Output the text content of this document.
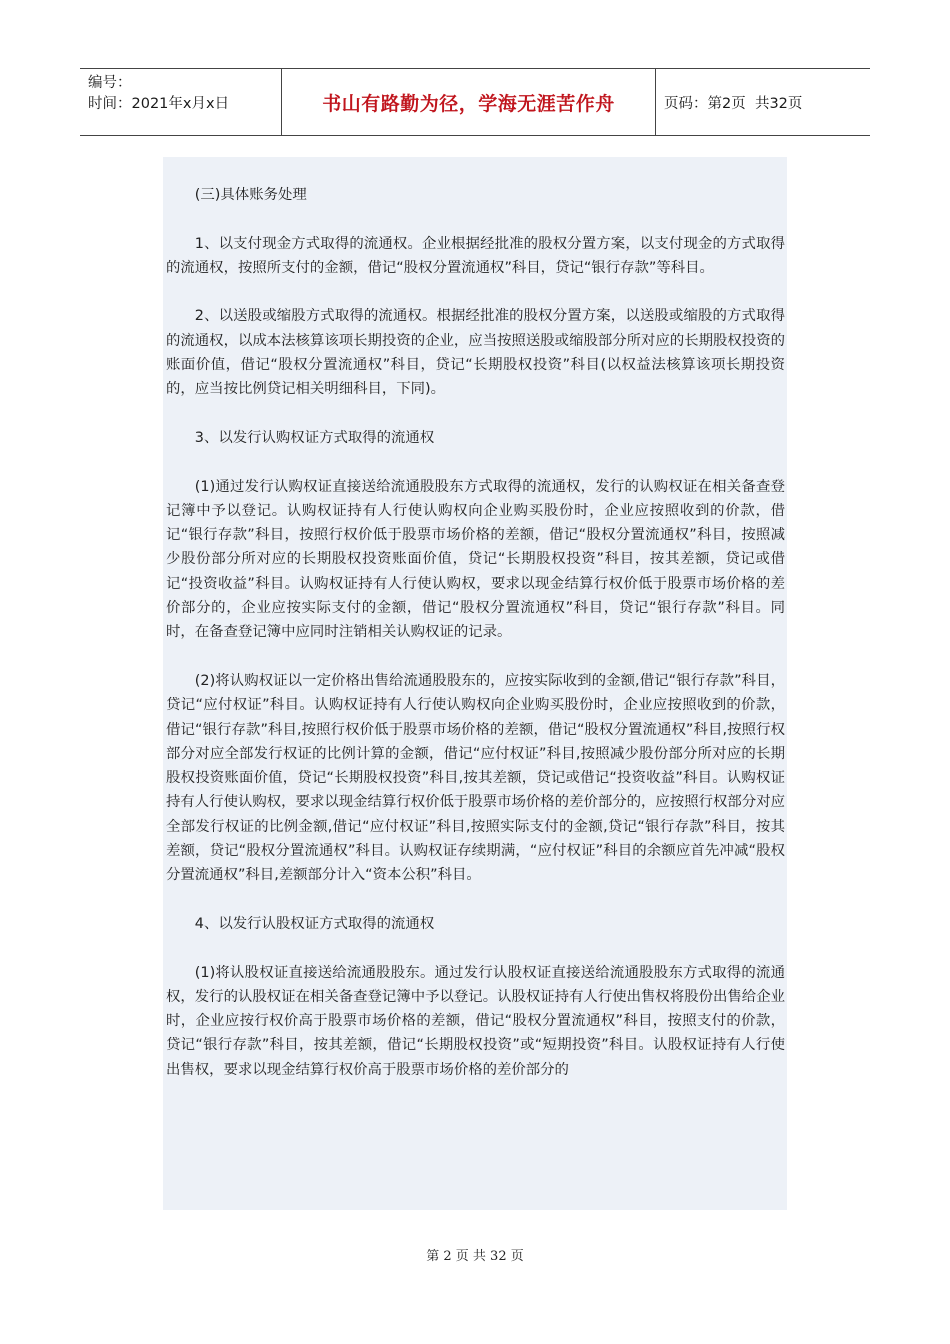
编号：
时间：2021年x月x日	书山有路勤为径，学海无涯苦作舟	页码：第2页  共32页

(三)具体账务处理

1、以支付现金方式取得的流通权。企业根据经批准的股权分置方案，以支付现金的方式取得的流通权，按照所支付的金额，借记“股权分置流通权”科目，贷记“银行存款”等科目。

2、以送股或缩股方式取得的流通权。根据经批准的股权分置方案，以送股或缩股的方式取得的流通权，以成本法核算该项长期投资的企业，应当按照送股或缩股部分所对应的长期股权投资的账面价值，借记“股权分置流通权”科目，贷记“长期股权投资”科目(以权益法核算该项长期投资的，应当按比例贷记相关明细科目，下同)。

3、以发行认购权证方式取得的流通权

(1)通过发行认购权证直接送给流通股股东方式取得的流通权，发行的认购权证在相关备查登记簿中予以登记。认购权证持有人行使认购权向企业购买股份时，企业应按照收到的价款，借记“银行存款”科目，按照行权价低于股票市场价格的差额，借记“股权分置流通权”科目，按照减少股份部分所对应的长期股权投资账面价值，贷记“长期股权投资”科目，按其差额，贷记或借记“投资收益”科目。认购权证持有人行使认购权，要求以现金结算行权价低于股票市场价格的差价部分的，企业应按实际支付的金额，借记“股权分置流通权”科目，贷记“银行存款”科目。同时，在备查登记簿中应同时注销相关认购权证的记录。

(2)将认购权证以一定价格出售给流通股股东的，应按实际收到的金额,借记“银行存款”科目，贷记“应付权证”科目。认购权证持有人行使认购权向企业购买股份时，企业应按照收到的价款，借记“银行存款”科目,按照行权价低于股票市场价格的差额，借记“股权分置流通权”科目,按照行权部分对应全部发行权证的比例计算的金额，借记“应付权证”科目,按照减少股份部分所对应的长期股权投资账面价值，贷记“长期股权投资”科目,按其差额，贷记或借记“投资收益”科目。认购权证持有人行使认购权，要求以现金结算行权价低于股票市场价格的差价部分的，应按照行权部分对应全部发行权证的比例金额,借记“应付权证”科目,按照实际支付的金额,贷记“银行存款”科目，按其差额，贷记“股权分置流通权”科目。认购权证存续期满，“应付权证”科目的余额应首先冲减“股权分置流通权”科目,差额部分计入“资本公积”科目。

4、以发行认股权证方式取得的流通权

(1)将认股权证直接送给流通股股东。通过发行认股权证直接送给流通股股东方式取得的流通权，发行的认股权证在相关备查登记簿中予以登记。认股权证持有人行使出售权将股份出售给企业时，企业应按行权价高于股票市场价格的差额，借记“股权分置流通权”科目，按照支付的价款，贷记“银行存款”科目，按其差额，借记“长期股权投资”或“短期投资”科目。认股权证持有人行使出售权，要求以现金结算行权价高于股票市场价格的差价部分的

第 2 页 共 32 页
